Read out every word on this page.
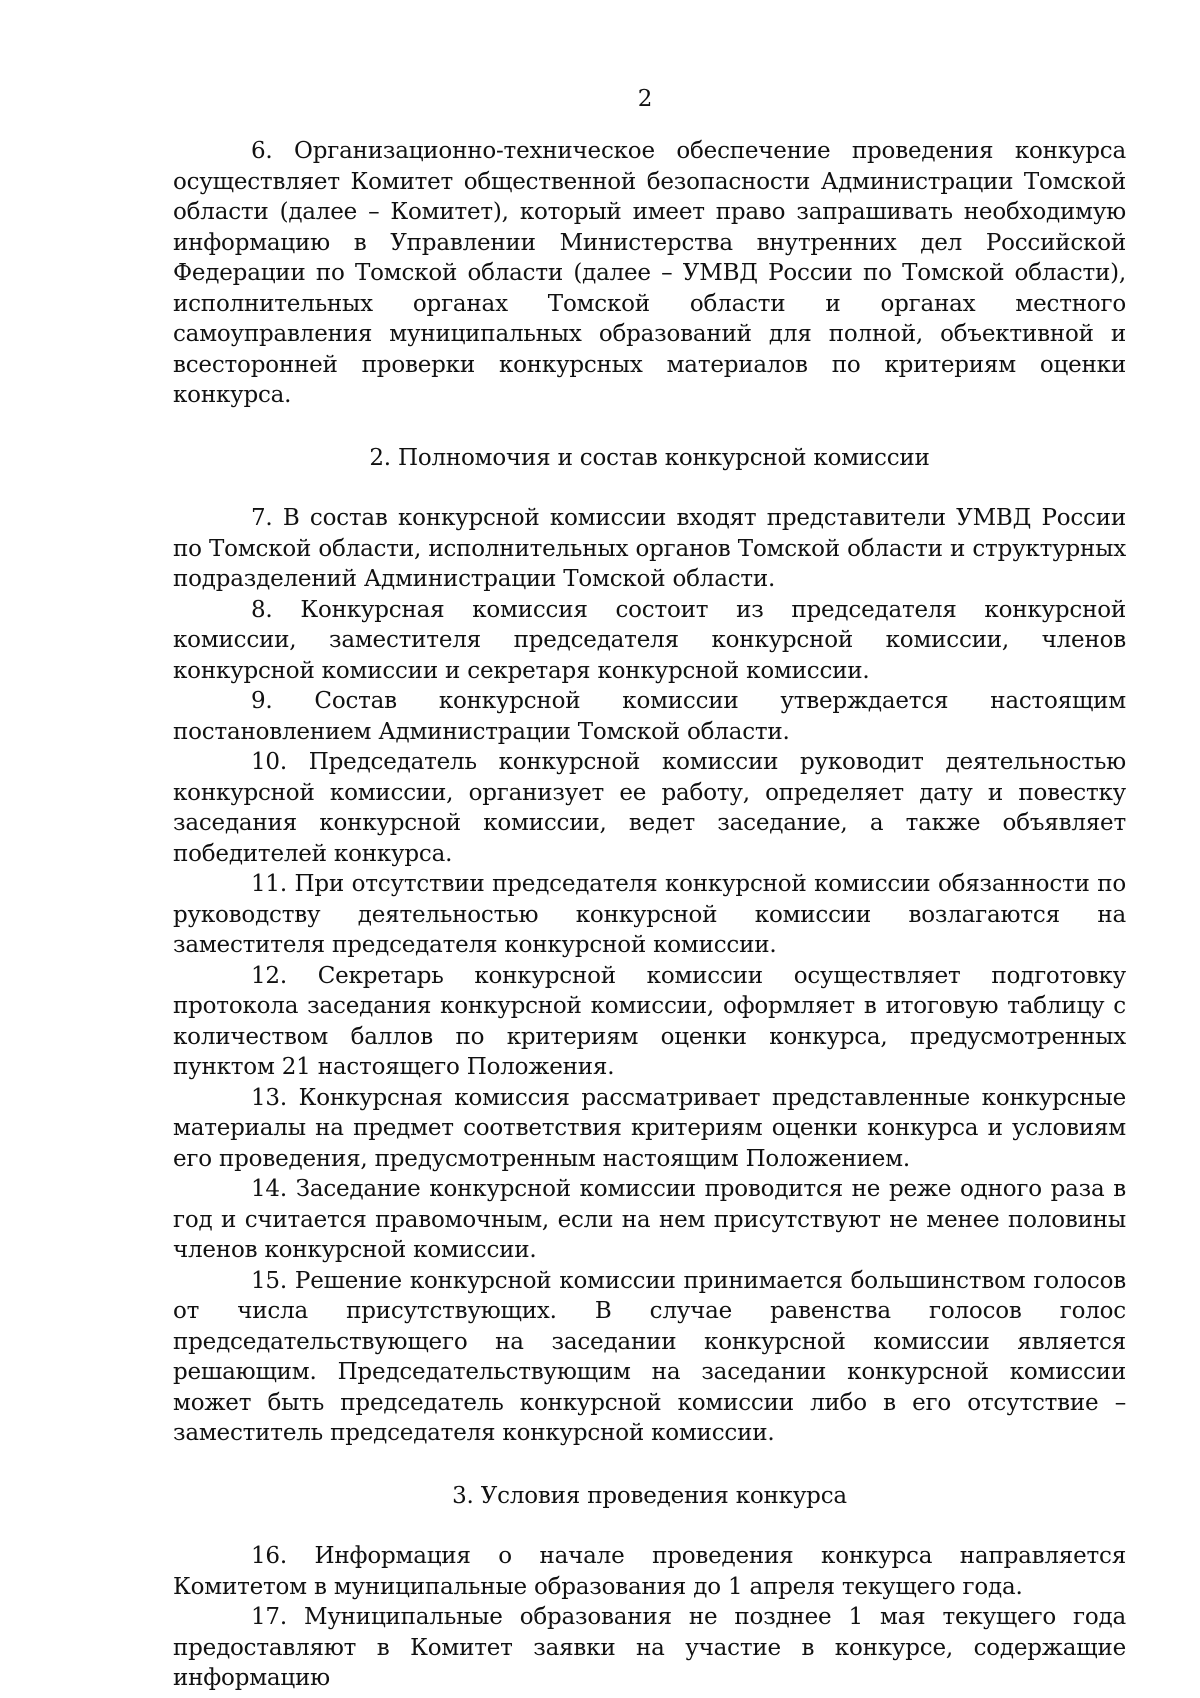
2

6. Организационно-техническое обеспечение проведения конкурса осуществляет Комитет общественной безопасности Администрации Томской области (далее – Комитет), который имеет право запрашивать необходимую информацию в Управлении Министерства внутренних дел Российской Федерации по Томской области (далее – УМВД России по Томской области), исполнительных органах Томской области и органах местного самоуправления муниципальных образований для полной, объективной и всесторонней проверки конкурсных материалов по критериям оценки конкурса.

2. Полномочия и состав конкурсной комиссии

7. В состав конкурсной комиссии входят представители УМВД России по Томской области, исполнительных органов Томской области и структурных подразделений Администрации Томской области.

8. Конкурсная комиссия состоит из председателя конкурсной комиссии, заместителя председателя конкурсной комиссии, членов конкурсной комиссии и секретаря конкурсной комиссии.

9. Состав конкурсной комиссии утверждается настоящим постановлением Администрации Томской области.

10. Председатель конкурсной комиссии руководит деятельностью конкурсной комиссии, организует ее работу, определяет дату и повестку заседания конкурсной комиссии, ведет заседание, а также объявляет победителей конкурса.

11. При отсутствии председателя конкурсной комиссии обязанности по руководству деятельностью конкурсной комиссии возлагаются на заместителя председателя конкурсной комиссии.

12. Секретарь конкурсной комиссии осуществляет подготовку протокола заседания конкурсной комиссии, оформляет в итоговую таблицу с количеством баллов по критериям оценки конкурса, предусмотренных пунктом 21 настоящего Положения.

13. Конкурсная комиссия рассматривает представленные конкурсные материалы на предмет соответствия критериям оценки конкурса и условиям его проведения, предусмотренным настоящим Положением.

14. Заседание конкурсной комиссии проводится не реже одного раза в год и считается правомочным, если на нем присутствуют не менее половины членов конкурсной комиссии.

15. Решение конкурсной комиссии принимается большинством голосов от числа присутствующих. В случае равенства голосов голос председательствующего на заседании конкурсной комиссии является решающим. Председательствующим на заседании конкурсной комиссии может быть председатель конкурсной комиссии либо в его отсутствие – заместитель председателя конкурсной комиссии.

3. Условия проведения конкурса

16. Информация о начале проведения конкурса направляется Комитетом в муниципальные образования до 1 апреля текущего года.

17. Муниципальные образования не позднее 1 мая текущего года предоставляют в Комитет заявки на участие в конкурсе, содержащие информацию
